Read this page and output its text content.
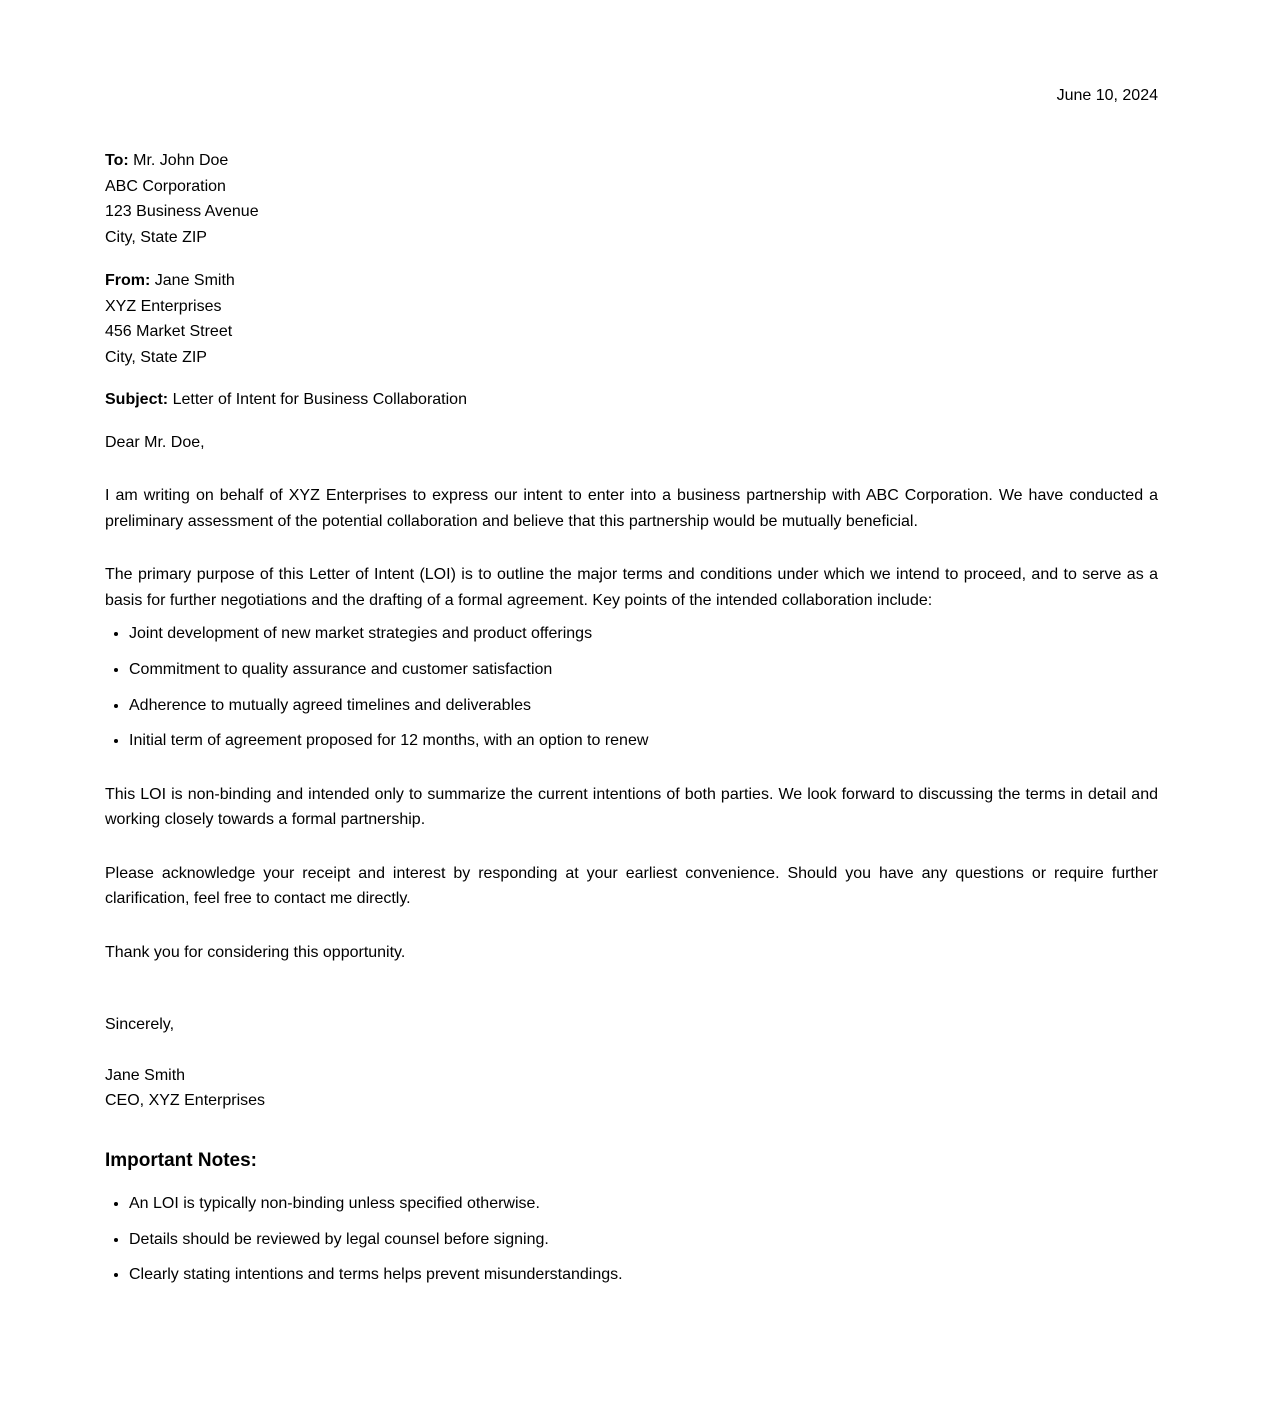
June 10, 2024

To: Mr. John Doe
ABC Corporation
123 Business Avenue
City, State ZIP
From: Jane Smith
XYZ Enterprises
456 Market Street
City, State ZIP
Subject: Letter of Intent for Business Collaboration
Dear Mr. Doe,

I am writing on behalf of XYZ Enterprises to express our intent to enter into a business partnership with ABC Corporation. We have conducted a preliminary assessment of the potential collaboration and believe that this partnership would be mutually beneficial.

The primary purpose of this Letter of Intent (LOI) is to outline the major terms and conditions under which we intend to proceed, and to serve as a basis for further negotiations and the drafting of a formal agreement. Key points of the intended collaboration include:

• Joint development of new market strategies and product offerings
• Commitment to quality assurance and customer satisfaction
• Adherence to mutually agreed timelines and deliverables
• Initial term of agreement proposed for 12 months, with an option to renew

This LOI is non-binding and intended only to summarize the current intentions of both parties. We look forward to discussing the terms in detail and working closely towards a formal partnership.

Please acknowledge your receipt and interest by responding at your earliest convenience. Should you have any questions or require further clarification, feel free to contact me directly.

Thank you for considering this opportunity.

Sincerely,
Jane Smith
CEO, XYZ Enterprises
Important Notes:
• An LOI is typically non-binding unless specified otherwise.
• Details should be reviewed by legal counsel before signing.
• Clearly stating intentions and terms helps prevent misunderstandings.
